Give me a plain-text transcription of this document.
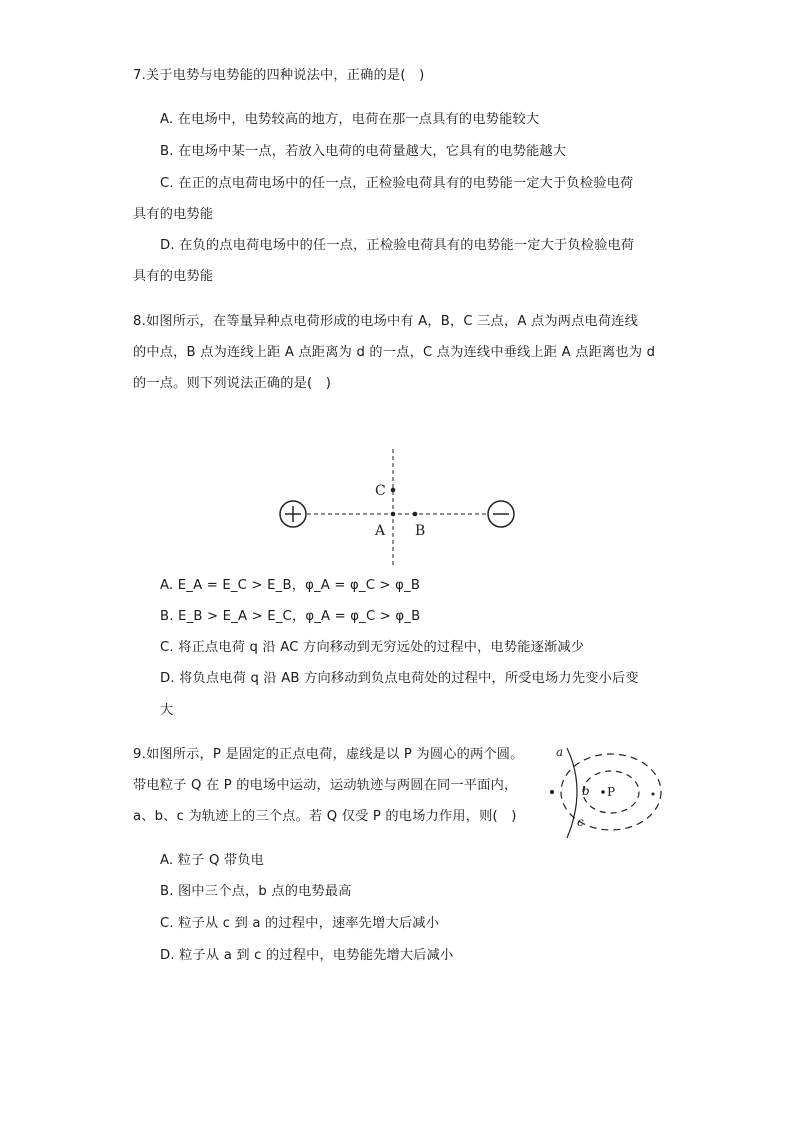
7.关于电势与电势能的四种说法中，正确的是(　)
A. 在电场中，电势较高的地方，电荷在那一点具有的电势能较大
B. 在电场中某一点，若放入电荷的电荷量越大，它具有的电势能越大
C. 在正的点电荷电场中的任一点，正检验电荷具有的电势能一定大于负检验电荷
具有的电势能
D. 在负的点电荷电场中的任一点，正检验电荷具有的电势能一定大于负检验电荷
具有的电势能
8.如图所示，在等量异种点电荷形成的电场中有 A，B，C 三点，A 点为两点电荷连线
的中点，B 点为连线上距 A 点距离为 d 的一点，C 点为连线中垂线上距 A 点距离也为 d
的一点。则下列说法正确的是(　)
C
A B
A. E_A = E_C > E_B，φ_A = φ_C > φ_B
B. E_B > E_A > E_C，φ_A = φ_C > φ_B
C. 将正点电荷 q 沿 AC 方向移动到无穷远处的过程中，电势能逐渐减少
D. 将负点电荷 q 沿 AB 方向移动到负点电荷处的过程中，所受电场力先变小后变
大
9.如图所示，P 是固定的正点电荷，虚线是以 P 为圆心的两个圆。
带电粒子 Q 在 P 的电场中运动，运动轨迹与两圆在同一平面内，
a、b、c 为轨迹上的三个点。若 Q 仅受 P 的电场力作用，则(　)
a
b
c
P
A. 粒子 Q 带负电
B. 图中三个点，b 点的电势最高
C. 粒子从 c 到 a 的过程中，速率先增大后减小
D. 粒子从 a 到 c 的过程中，电势能先增大后减小
